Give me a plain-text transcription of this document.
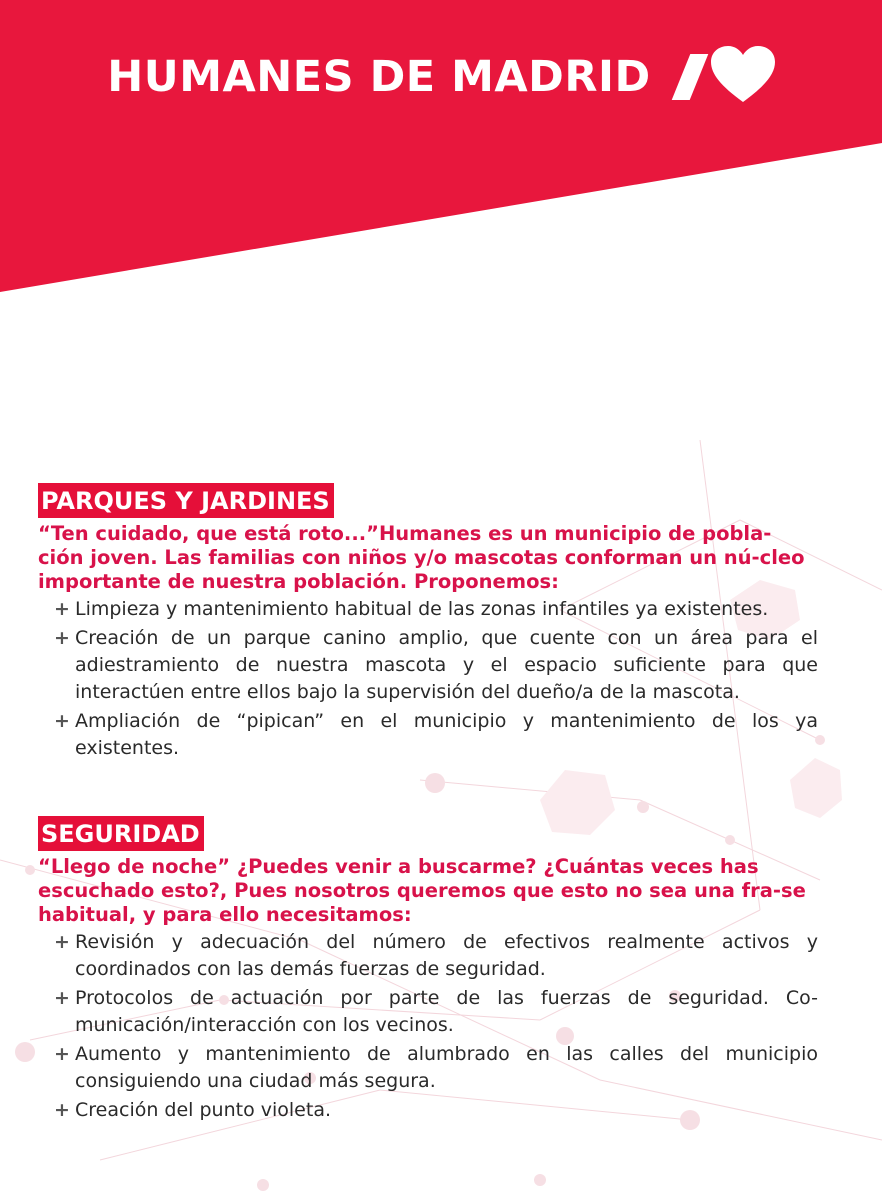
HUMANES DE MADRID
PARQUES Y JARDINES
“Ten cuidado, que está roto...”Humanes es un municipio de pobla-ción joven. Las familias con niños y/o mascotas conforman un nú-cleo importante de nuestra población. Proponemos:
+ Limpieza y mantenimiento habitual de las zonas infantiles ya existentes.
+ Creación de un parque canino amplio, que cuente con un área para el adiestramiento de nuestra mascota y el espacio suficiente para que interactúen entre ellos bajo la supervisión del dueño/a de la mascota.
+ Ampliación de “pipican” en el municipio y mantenimiento de los ya existentes.
SEGURIDAD
“Llego de noche” ¿Puedes venir a buscarme? ¿Cuántas veces has escuchado esto?, Pues nosotros queremos que esto no sea una fra-se habitual, y para ello necesitamos:
+ Revisión y adecuación del número de efectivos realmente activos y coordinados con las demás fuerzas de seguridad.
+ Protocolos de actuación por parte de las fuerzas de seguridad. Co-municación/interacción con los vecinos.
+ Aumento y mantenimiento de alumbrado en las calles del municipio consiguiendo una ciudad más segura.
+ Creación del punto violeta.
